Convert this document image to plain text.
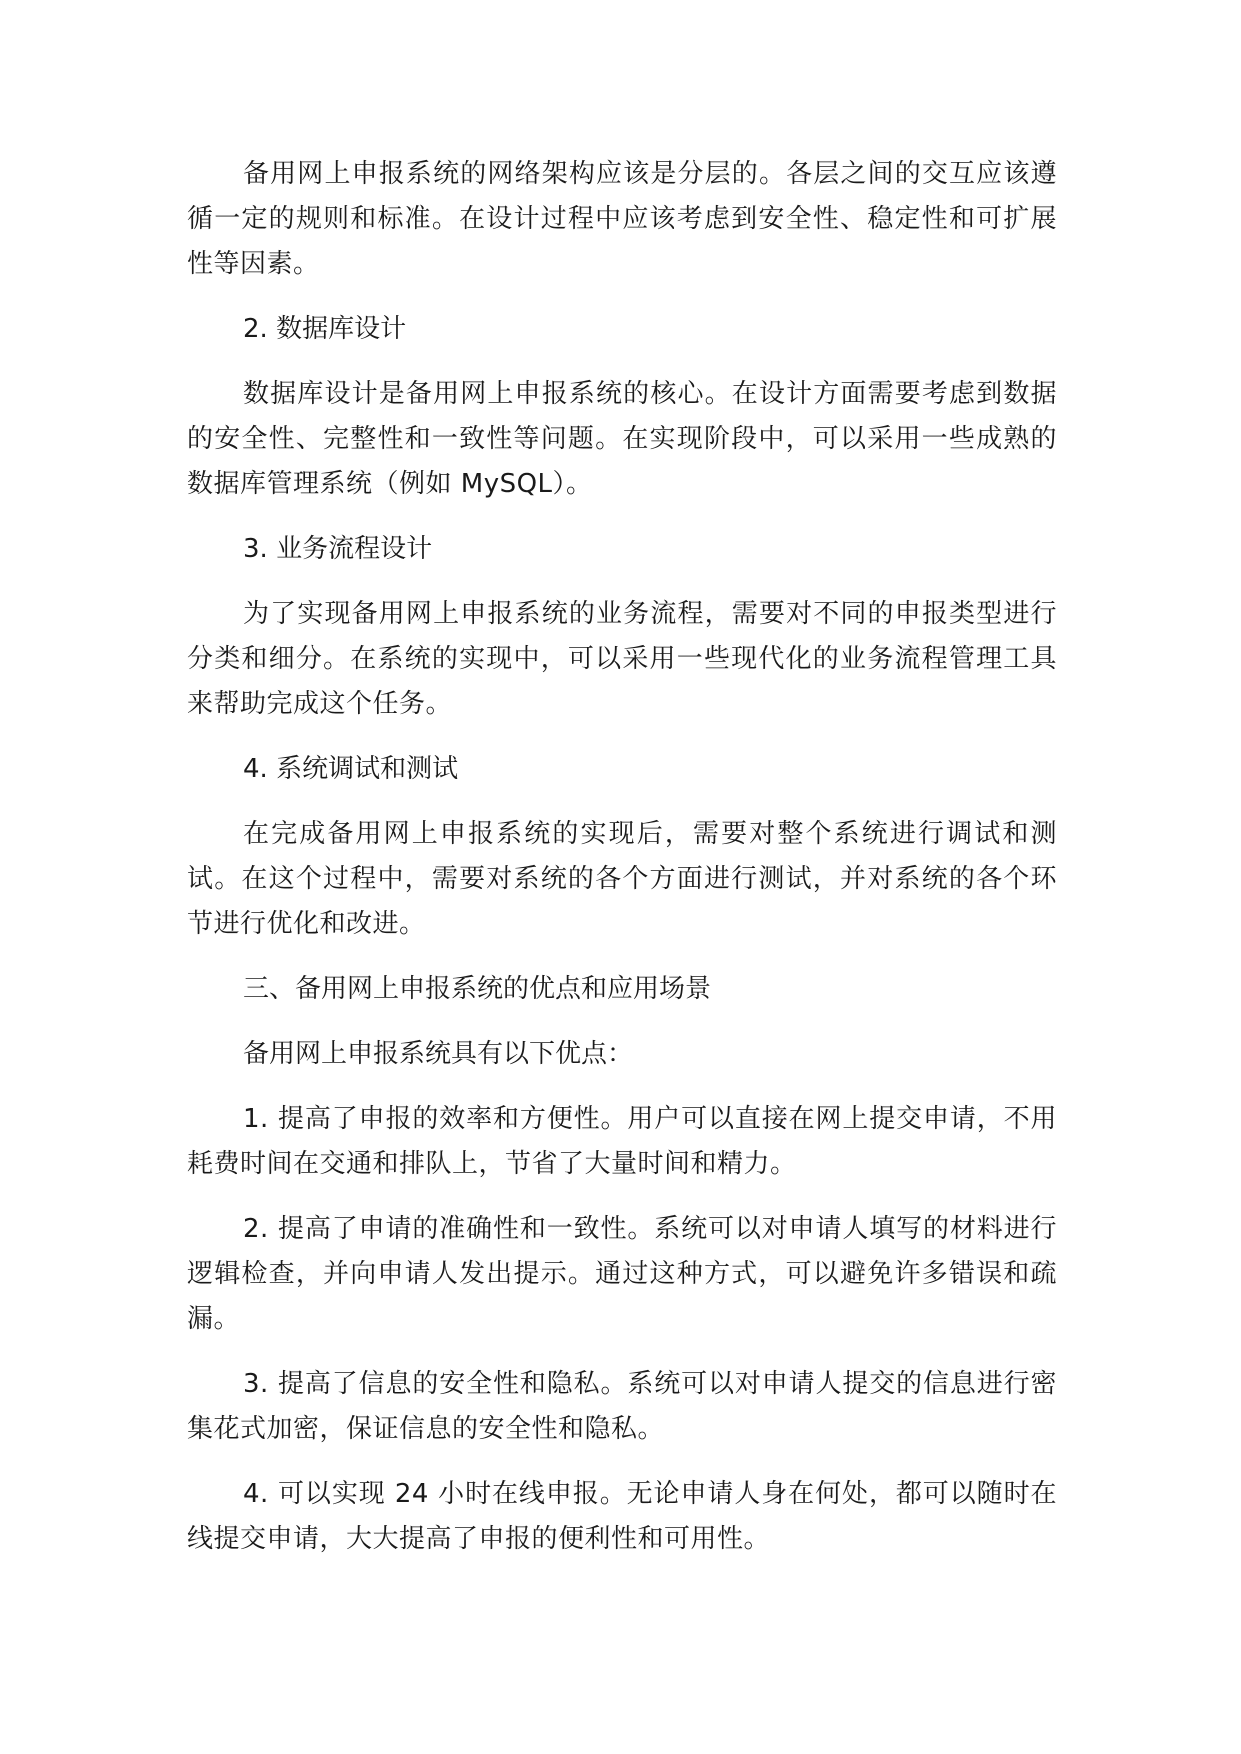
备用网上申报系统的网络架构应该是分层的。各层之间的交互应该遵循一定的规则和标准。在设计过程中应该考虑到安全性、稳定性和可扩展性等因素。

2. 数据库设计

数据库设计是备用网上申报系统的核心。在设计方面需要考虑到数据的安全性、完整性和一致性等问题。在实现阶段中，可以采用一些成熟的数据库管理系统（例如 MySQL）。

3. 业务流程设计

为了实现备用网上申报系统的业务流程，需要对不同的申报类型进行分类和细分。在系统的实现中，可以采用一些现代化的业务流程管理工具来帮助完成这个任务。

4. 系统调试和测试

在完成备用网上申报系统的实现后，需要对整个系统进行调试和测试。在这个过程中，需要对系统的各个方面进行测试，并对系统的各个环节进行优化和改进。

三、备用网上申报系统的优点和应用场景

备用网上申报系统具有以下优点：

1. 提高了申报的效率和方便性。用户可以直接在网上提交申请，不用耗费时间在交通和排队上，节省了大量时间和精力。

2. 提高了申请的准确性和一致性。系统可以对申请人填写的材料进行逻辑检查，并向申请人发出提示。通过这种方式，可以避免许多错误和疏漏。

3. 提高了信息的安全性和隐私。系统可以对申请人提交的信息进行密集花式加密，保证信息的安全性和隐私。

4. 可以实现 24 小时在线申报。无论申请人身在何处，都可以随时在线提交申请，大大提高了申报的便利性和可用性。
